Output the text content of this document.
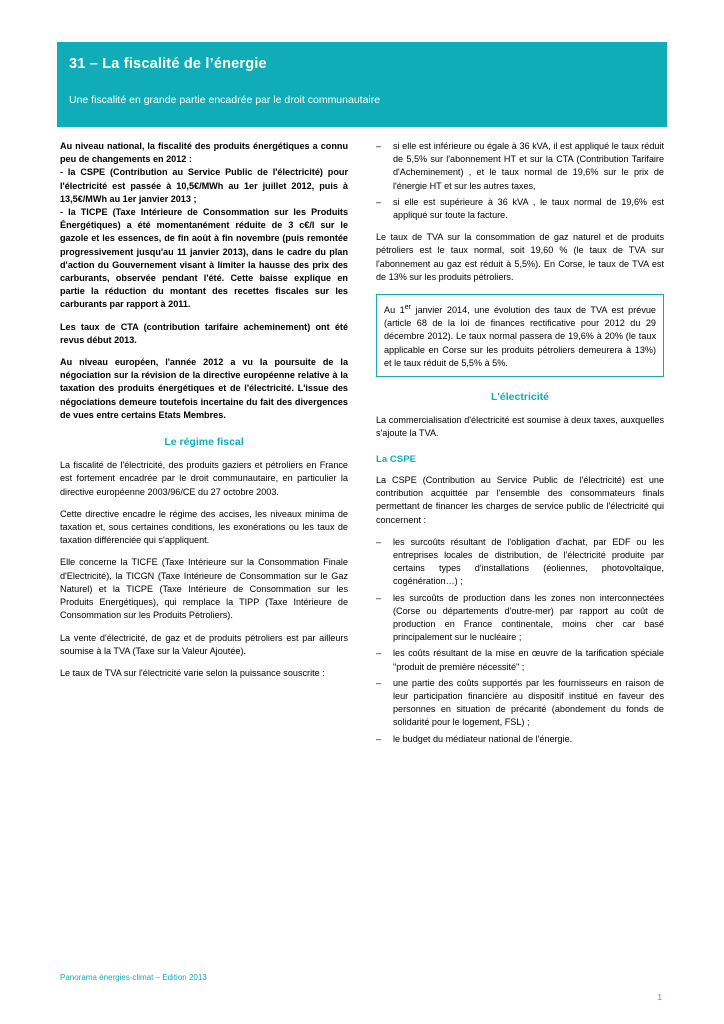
31 – La fiscalité de l’énergie
Une fiscalité en grande partie encadrée par le droit communautaire

Au niveau national, la fiscalité des produits énergétiques a connu peu de changements en 2012 :

- la CSPE (Contribution au Service Public de l'électricité) pour l'électricité est passée à 10,5€/MWh au 1er juillet 2012, puis à 13,5€/MWh au 1er janvier 2013 ;

- la TICPE (Taxe Intérieure de Consommation sur les Produits Énergétiques) a été momentanément réduite de 3 c€/l sur le gazole et les essences, de fin août à fin novembre (puis remontée progressivement jusqu'au 11 janvier 2013), dans le cadre du plan d'action du Gouvernement visant à limiter la hausse des prix des carburants, observée pendant l'été. Cette baisse explique en partie la réduction du montant des recettes fiscales sur les carburants par rapport à 2011.

Les taux de CTA (contribution tarifaire acheminement) ont été revus début 2013.

Au niveau européen, l'année 2012 a vu la poursuite de la négociation sur la révision de la directive européenne relative à la taxation des produits énergétiques et de l'électricité. L'issue des négociations demeure toutefois incertaine du fait des divergences de vues entre certains Etats Membres.

Le régime fiscal

La fiscalité de l'électricité, des produits gaziers et pétroliers en France est fortement encadrée par le droit communautaire, en particulier la directive européenne 2003/96/CE du 27 octobre 2003.

Cette directive encadre le régime des accises, les niveaux minima de taxation et, sous certaines conditions, les exonérations ou les taux de taxation différenciée qui s'appliquent.

Elle concerne la TICFE (Taxe Intérieure sur la Consommation Finale d'Electricité), la TICGN (Taxe Intérieure de Consommation sur le Gaz Naturel) et la TICPE (Taxe Intérieure de Consommation sur les Produits Energétiques), qui remplace la TIPP (Taxe Intérieure de Consommation sur les Produits Pétroliers).

La vente d'électricité, de gaz et de produits pétroliers est par ailleurs soumise à la TVA (Taxe sur la Valeur Ajoutée).

Le taux de TVA sur l'électricité varie selon la puissance souscrite :

– si elle est inférieure ou égale à 36 kVA, il est appliqué le taux réduit de 5,5% sur l'abonnement HT et sur la CTA (Contribution Tarifaire d'Acheminement) , et le taux normal de 19,6% sur le prix de l'énergie HT et sur les autres taxes,
– si elle est supérieure à 36 kVA , le taux normal de 19,6% est appliqué sur toute la facture.

Le taux de TVA sur la consommation de gaz naturel et de produits pétroliers est le taux normal, soit 19,60 % (le taux de TVA sur l'abonnement au gaz est réduit à 5,5%). En Corse, le taux de TVA est de 13% sur les produits pétroliers.

Au 1er janvier 2014, une évolution des taux de TVA est prévue (article 68 de la loi de finances rectificative pour 2012 du 29 décembre 2012). Le taux normal passera de 19,6% à 20% (le taux applicable en Corse sur les produits pétroliers demeurera à 13%) et le taux réduit de 5,5% à 5%.

L'électricité

La commercialisation d'électricité est soumise à deux taxes, auxquelles s'ajoute la TVA.

La CSPE

La CSPE (Contribution au Service Public de l'électricité) est une contribution acquittée par l'ensemble des consommateurs finals permettant de financer les charges de service public de l'électricité qui concernent :

– les surcoûts résultant de l'obligation d'achat, par EDF ou les entreprises locales de distribution, de l'électricité produite par certains types d'installations (éoliennes, photovoltaïque, cogénération…) ;
– les surcoûts de production dans les zones non interconnectées (Corse ou départements d'outre-mer) par rapport au coût de production en France continentale, moins cher car basé principalement sur le nucléaire ;
– les coûts résultant de la mise en œuvre de la tarification spéciale "produit de première nécessité" ;
– une partie des coûts supportés par les fournisseurs en raison de leur participation financière au dispositif institué en faveur des personnes en situation de précarité (abondement du fonds de solidarité pour le logement, FSL) ;
– le budget du médiateur national de l'énergie.
Panorama énergies-climat – Edition 2013
1
